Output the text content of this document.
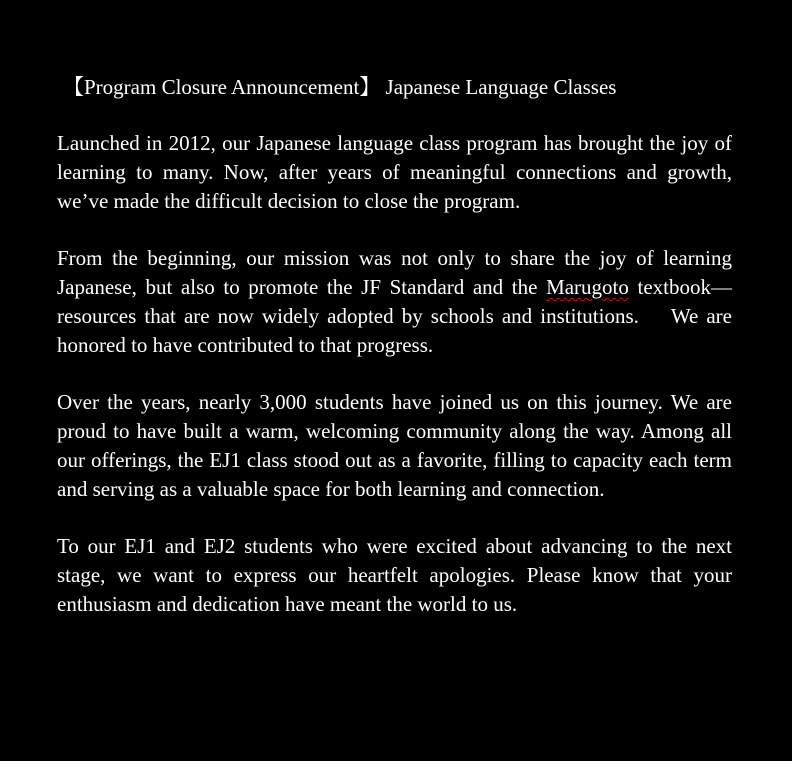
【Program Closure Announcement】 Japanese Language Classes

Launched in 2012, our Japanese language class program has brought the joy of learning to many. Now, after years of meaningful connections and growth, we’ve made the difficult decision to close the program.

From the beginning, our mission was not only to share the joy of learning Japanese, but also to promote the JF Standard and the Marugoto textbook—resources that are now widely adopted by schools and institutions.    We are honored to have contributed to that progress.

Over the years, nearly 3,000 students have joined us on this journey. We are proud to have built a warm, welcoming community along the way. Among all our offerings, the EJ1 class stood out as a favorite, filling to capacity each term and serving as a valuable space for both learning and connection.

To our EJ1 and EJ2 students who were excited about advancing to the next stage, we want to express our heartfelt apologies. Please know that your enthusiasm and dedication have meant the world to us.
